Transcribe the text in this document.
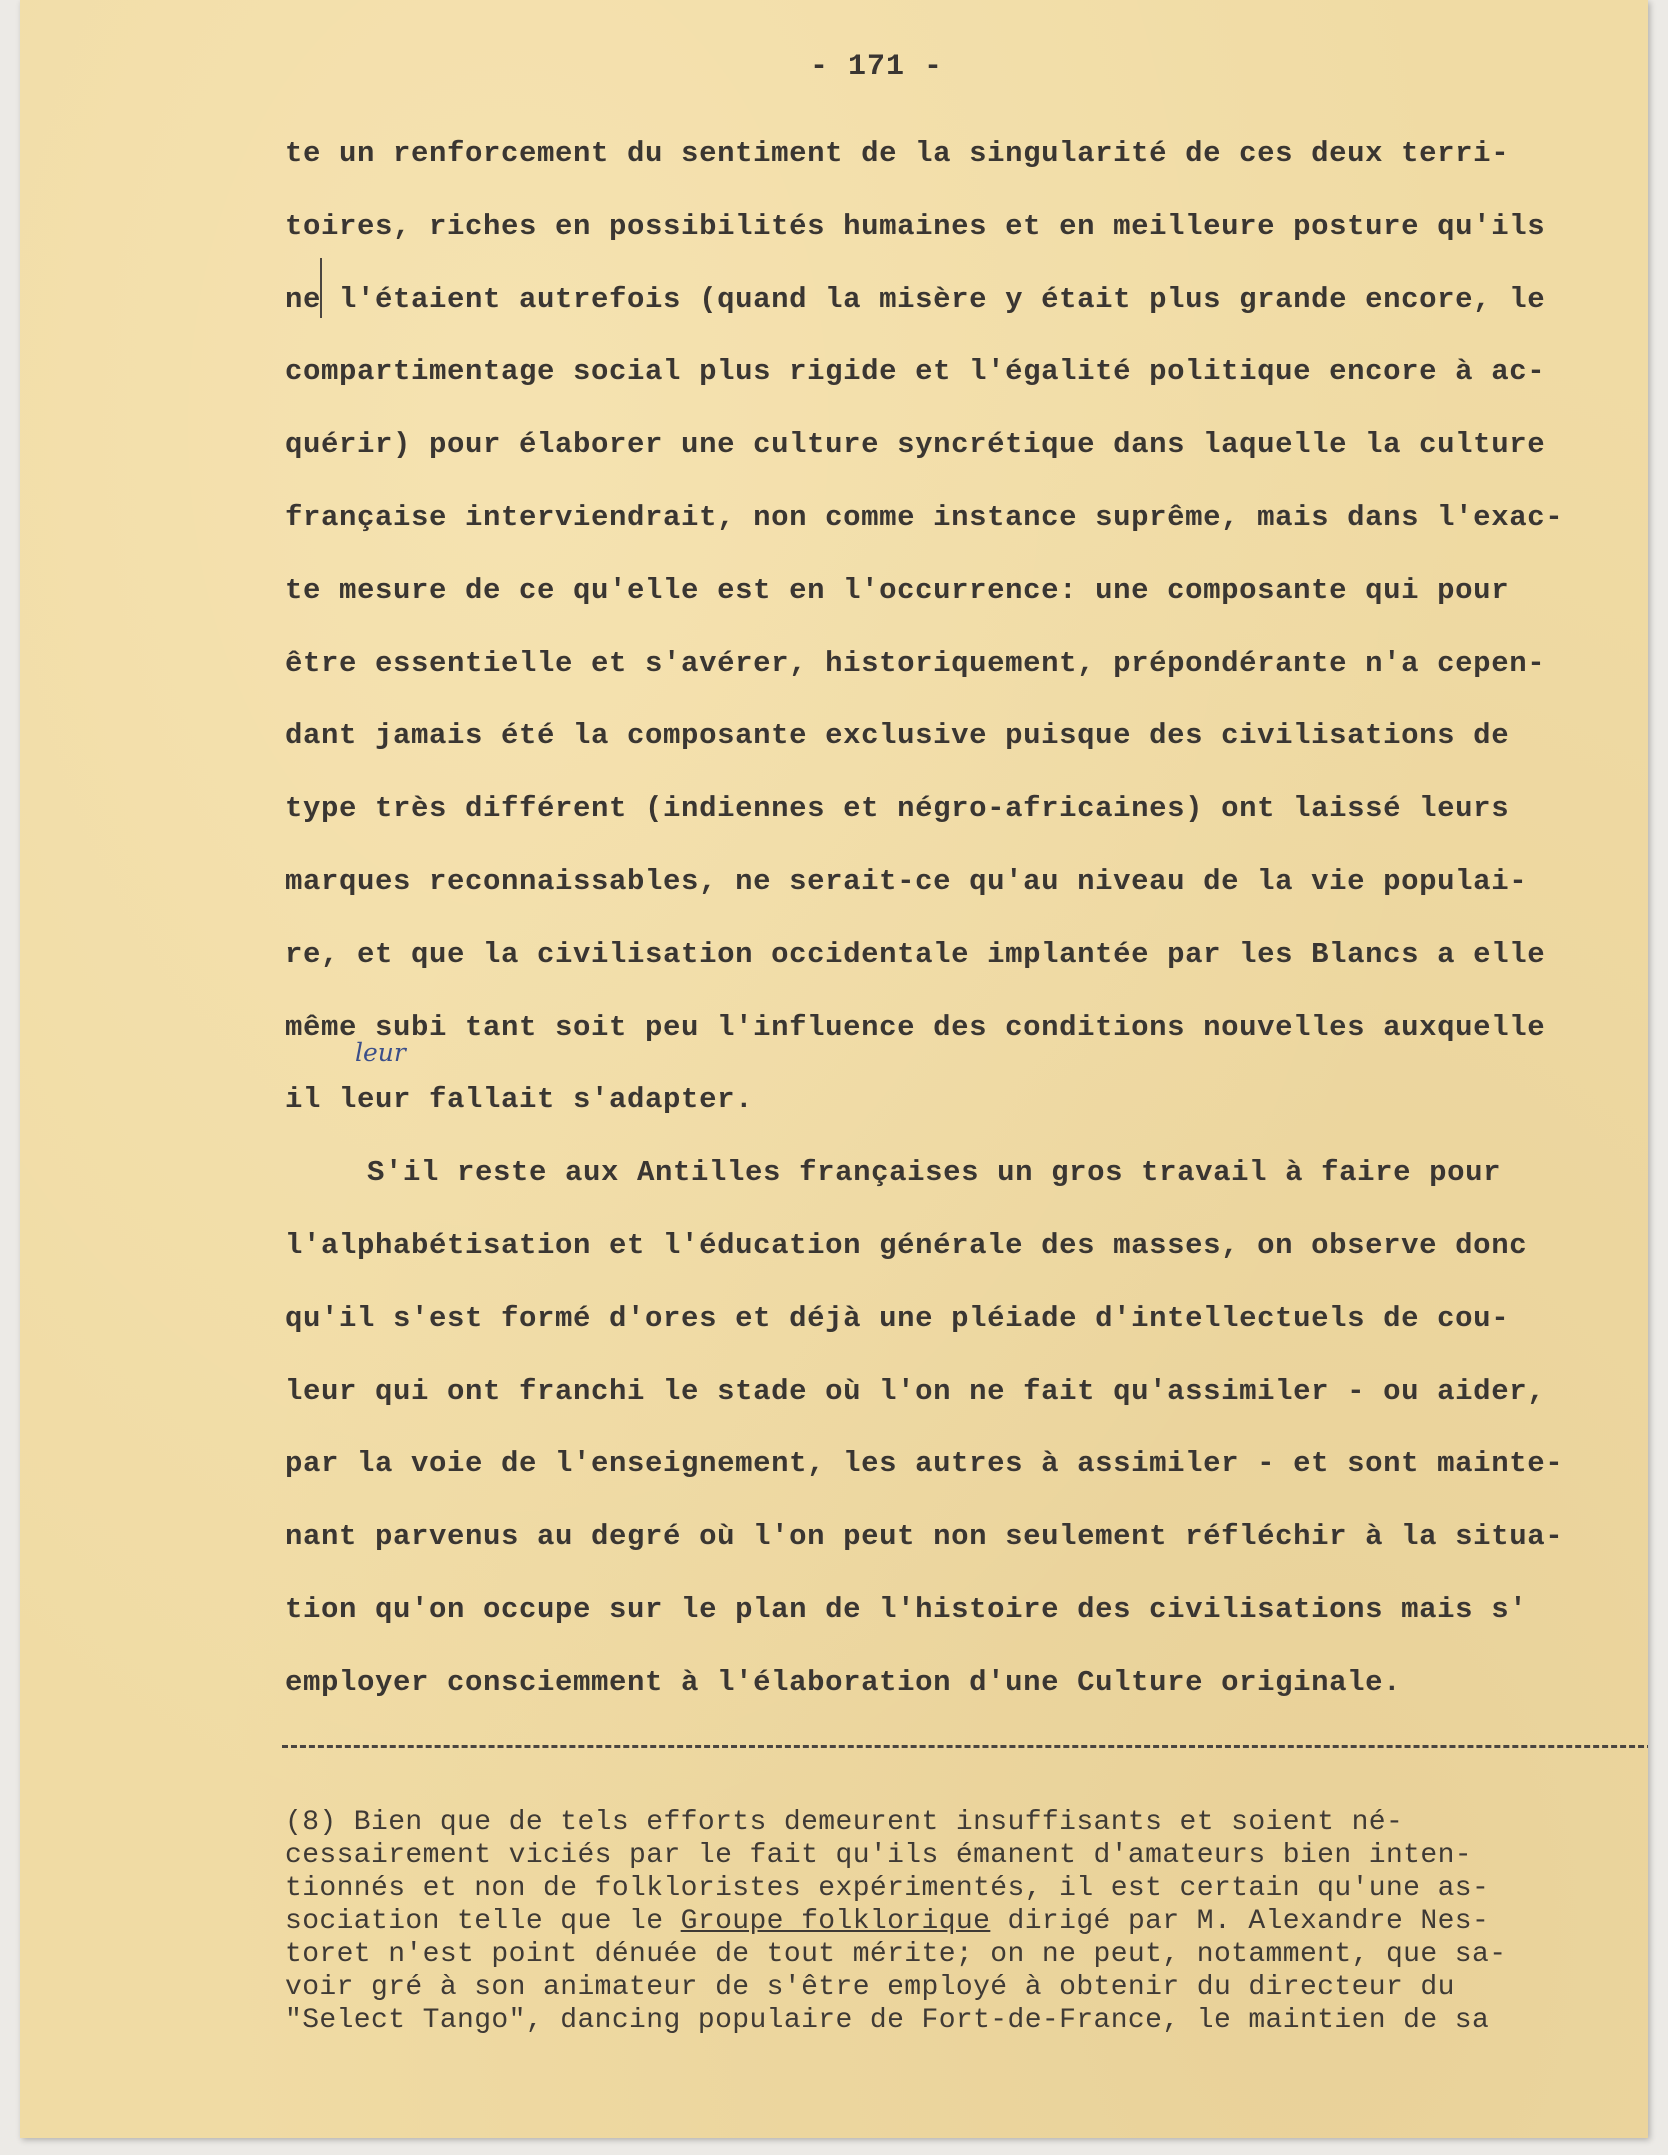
- 171 -
leur
te un renforcement du sentiment de la singularité de ces deux terri-
toires, riches en possibilités humaines et en meilleure posture qu'ils
ne l'étaient autrefois (quand la misère y était plus grande encore, le
compartimentage social plus rigide et l'égalité politique encore à ac-
quérir) pour élaborer une culture syncrétique dans laquelle la culture
française interviendrait, non comme instance suprême, mais dans l'exac-
te mesure de ce qu'elle est en l'occurrence: une composante qui pour
être essentielle et s'avérer, historiquement, prépondérante n'a cepen-
dant jamais été la composante exclusive puisque des civilisations de
type très différent (indiennes et négro-africaines) ont laissé leurs
marques reconnaissables, ne serait-ce qu'au niveau de la vie populai-
re, et que la civilisation occidentale implantée par les Blancs a elle
même subi tant soit peu l'influence des conditions nouvelles auxquelle
il leur fallait s'adapter.
S'il reste aux Antilles françaises un gros travail à faire pour
l'alphabétisation et l'éducation générale des masses, on observe donc
qu'il s'est formé d'ores et déjà une pléiade d'intellectuels de cou-
leur qui ont franchi le stade où l'on ne fait qu'assimiler - ou aider,
par la voie de l'enseignement, les autres à assimiler - et sont mainte-
nant parvenus au degré où l'on peut non seulement réfléchir à la situa-
tion qu'on occupe sur le plan de l'histoire des civilisations mais s'
employer consciemment à l'élaboration d'une Culture originale.
(8) Bien que de tels efforts demeurent insuffisants et soient né-
cessairement viciés par le fait qu'ils émanent d'amateurs bien inten-
tionnés et non de folkloristes expérimentés, il est certain qu'une as-
sociation telle que le Groupe folklorique dirigé par M. Alexandre Nes-
toret n'est point dénuée de tout mérite; on ne peut, notamment, que sa-
voir gré à son animateur de s'être employé à obtenir du directeur du
"Select Tango", dancing populaire de Fort-de-France, le maintien de sa
